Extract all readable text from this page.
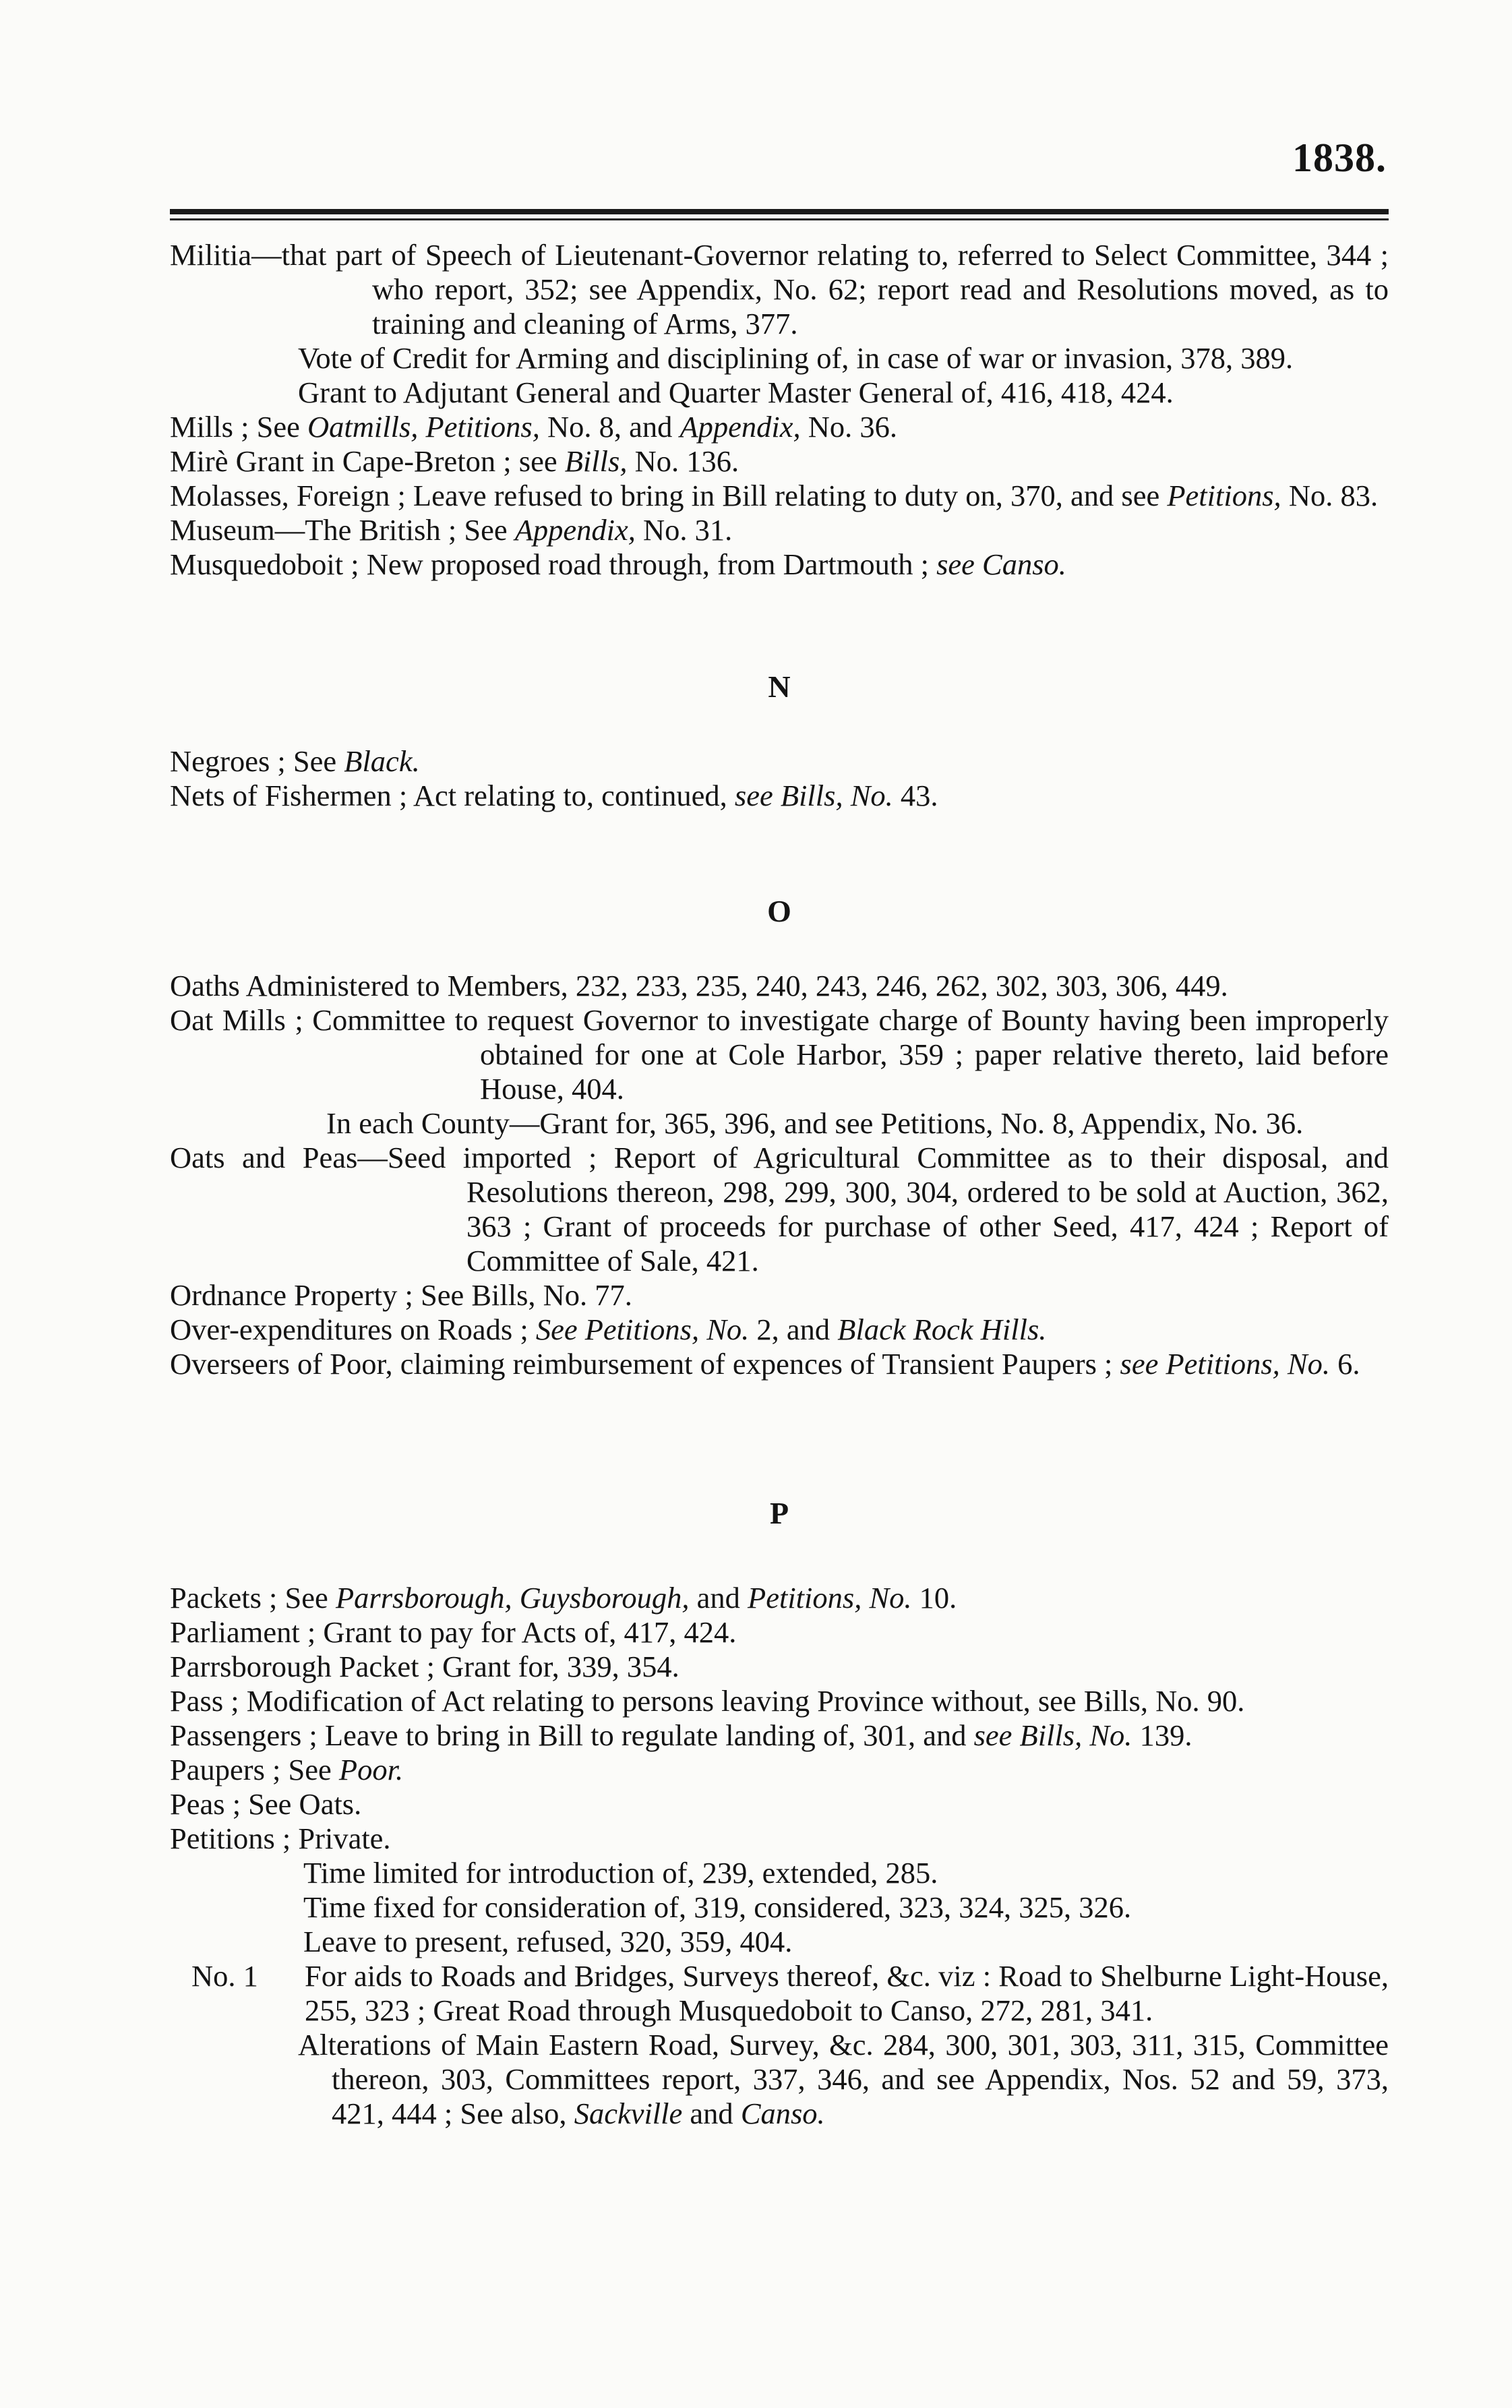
1838.

Militia—that part of Speech of Lieutenant-Governor relating to, referred to Select Committee, 344 ; who report, 352; see Appendix, No. 62; report read and Resolutions moved, as to training and cleaning of Arms, 377.

Vote of Credit for Arming and disciplining of, in case of war or invasion, 378, 389.

Grant to Adjutant General and Quarter Master General of, 416, 418, 424.

Mills ; See Oatmills, Petitions, No. 8, and Appendix, No. 36.

Mirè Grant in Cape-Breton ; see Bills, No. 136.

Molasses, Foreign ; Leave refused to bring in Bill relating to duty on, 370, and see Petitions, No. 83.

Museum—The British ; See Appendix, No. 31.

Musquedoboit ; New proposed road through, from Dartmouth ; see Canso.

N

Negroes ; See Black.

Nets of Fishermen ; Act relating to, continued, see Bills, No. 43.

O

Oaths Administered to Members, 232, 233, 235, 240, 243, 246, 262, 302, 303, 306, 449.

Oat Mills ; Committee to request Governor to investigate charge of Bounty having been improperly obtained for one at Cole Harbor, 359 ; paper relative thereto, laid before House, 404.

In each County—Grant for, 365, 396, and see Petitions, No. 8, Appendix, No. 36.

Oats and Peas—Seed imported ; Report of Agricultural Committee as to their disposal, and Resolutions thereon, 298, 299, 300, 304, ordered to be sold at Auction, 362, 363 ; Grant of proceeds for purchase of other Seed, 417, 424 ; Report of Committee of Sale, 421.

Ordnance Property ; See Bills, No. 77.

Over-expenditures on Roads ; See Petitions, No. 2, and Black Rock Hills.

Overseers of Poor, claiming reimbursement of expences of Transient Paupers ; see Petitions, No. 6.

P

Packets ; See Parrsborough, Guysborough, and Petitions, No. 10.

Parliament ; Grant to pay for Acts of, 417, 424.

Parrsborough Packet ; Grant for, 339, 354.

Pass ; Modification of Act relating to persons leaving Province without, see Bills, No. 90.

Passengers ; Leave to bring in Bill to regulate landing of, 301, and see Bills, No. 139.

Paupers ; See Poor.

Peas ; See Oats.

Petitions ; Private.

Time limited for introduction of, 239, extended, 285.

Time fixed for consideration of, 319, considered, 323, 324, 325, 326.

Leave to present, refused, 320, 359, 404.

No. 1	For aids to Roads and Bridges, Surveys thereof, &c. viz : Road to Shelburne Light-House, 255, 323 ; Great Road through Musquedoboit to Canso, 272, 281, 341.

Alterations of Main Eastern Road, Survey, &c. 284, 300, 301, 303, 311, 315, Committee thereon, 303, Committees report, 337, 346, and see Appendix, Nos. 52 and 59, 373, 421, 444 ; See also, Sackville and Canso.
